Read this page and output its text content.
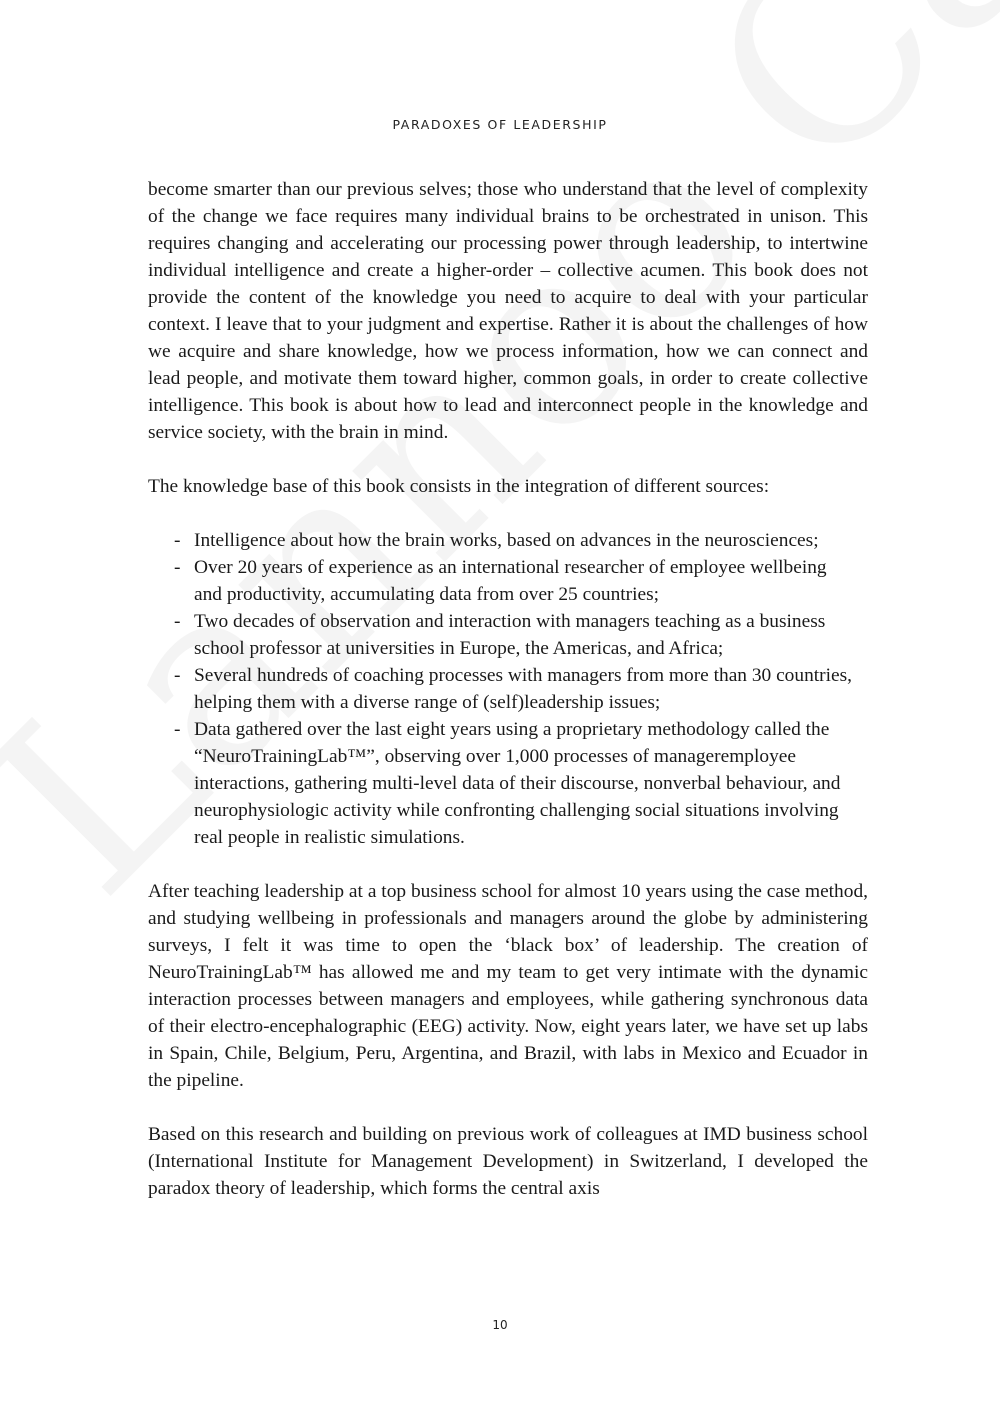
PARADOXES OF LEADERSHIP

become smarter than our previous selves; those who understand that the level of complexity of the change we face requires many individual brains to be orchestrated in unison. This requires changing and accelerating our processing power through leadership, to intertwine individual intelligence and create a higher-order – collective acumen. This book does not provide the content of the knowledge you need to acquire to deal with your particular context. I leave that to your judgment and expertise. Rather it is about the challenges of how we acquire and share knowledge, how we process information, how we can connect and lead people, and motivate them toward higher, common goals, in order to create collective intelligence. This book is about how to lead and interconnect people in the knowledge and service society, with the brain in mind.

The knowledge base of this book consists in the integration of different sources:

- Intelligence about how the brain works, based on advances in the neurosciences;
- Over 20 years of experience as an international researcher of employee wellbeing and productivity, accumulating data from over 25 countries;
- Two decades of observation and interaction with managers teaching as a business school professor at universities in Europe, the Americas, and Africa;
- Several hundreds of coaching processes with managers from more than 30 countries, helping them with a diverse range of (self)leadership issues;
- Data gathered over the last eight years using a proprietary methodology called the “NeuroTrainingLab™”, observing over 1,000 processes of manageremployee interactions, gathering multi-level data of their discourse, nonverbal behaviour, and neurophysiologic activity while confronting challenging social situations involving real people in realistic simulations.

After teaching leadership at a top business school for almost 10 years using the case method, and studying wellbeing in professionals and managers around the globe by administering surveys, I felt it was time to open the ‘black box’ of leadership. The creation of NeuroTrainingLab™ has allowed me and my team to get very intimate with the dynamic interaction processes between managers and employees, while gathering synchronous data of their electro-encephalographic (EEG) activity. Now, eight years later, we have set up labs in Spain, Chile, Belgium, Peru, Argentina, and Brazil, with labs in Mexico and Ecuador in the pipeline.

Based on this research and building on previous work of colleagues at IMD business school (International Institute for Management Development) in Switzerland, I developed the paradox theory of leadership, which forms the central axis

10
